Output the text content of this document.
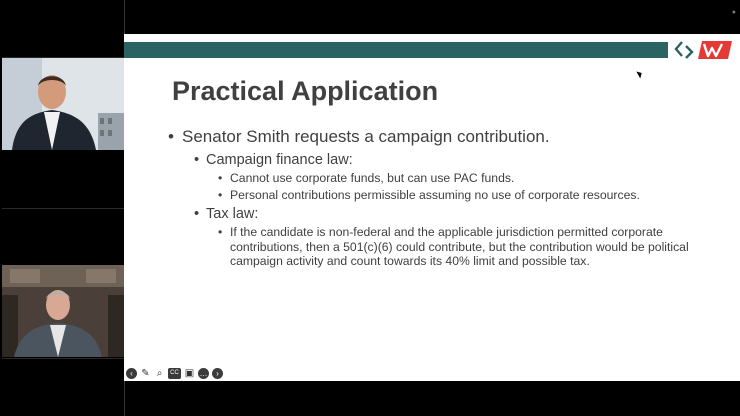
●
Practical Application
• Senator Smith requests a campaign contribution.
• Campaign finance law:
• Cannot use corporate funds, but can use PAC funds.
• Personal contributions permissible assuming no use of corporate resources.
• Tax law:
• If the candidate is non-federal and the applicable jurisdiction permitted corporate contributions, then a 501(c)(6) could contribute, but the contribution would be political campaign activity and count towards its 40% limit and possible tax.
‹ ✎ ⌕	CC ▣ …	›
